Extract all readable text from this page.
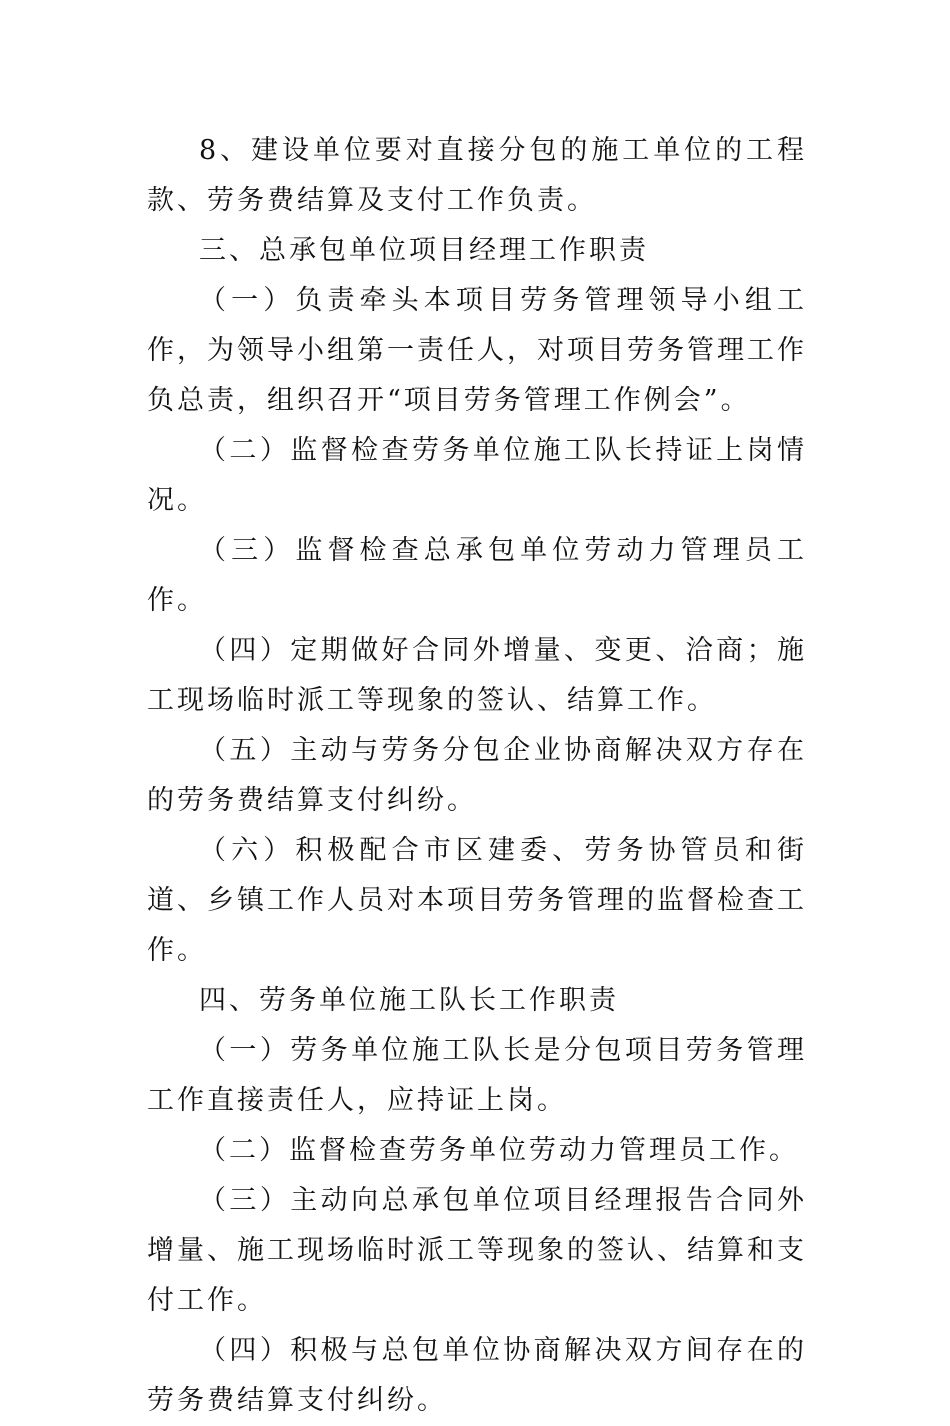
8、建设单位要对直接分包的施工单位的工程款、劳务费结算及支付工作负责。

三、总承包单位项目经理工作职责

（一）负责牵头本项目劳务管理领导小组工作，为领导小组第一责任人，对项目劳务管理工作负总责，组织召开“项目劳务管理工作例会”。

（二）监督检查劳务单位施工队长持证上岗情况。

（三）监督检查总承包单位劳动力管理员工作。

（四）定期做好合同外增量、变更、洽商；施工现场临时派工等现象的签认、结算工作。

（五）主动与劳务分包企业协商解决双方存在的劳务费结算支付纠纷。

（六）积极配合市区建委、劳务协管员和街道、乡镇工作人员对本项目劳务管理的监督检查工作。

四、劳务单位施工队长工作职责

（一）劳务单位施工队长是分包项目劳务管理工作直接责任人，应持证上岗。

（二）监督检查劳务单位劳动力管理员工作。

（三）主动向总承包单位项目经理报告合同外增量、施工现场临时派工等现象的签认、结算和支付工作。

（四）积极与总包单位协商解决双方间存在的劳务费结算支付纠纷。
